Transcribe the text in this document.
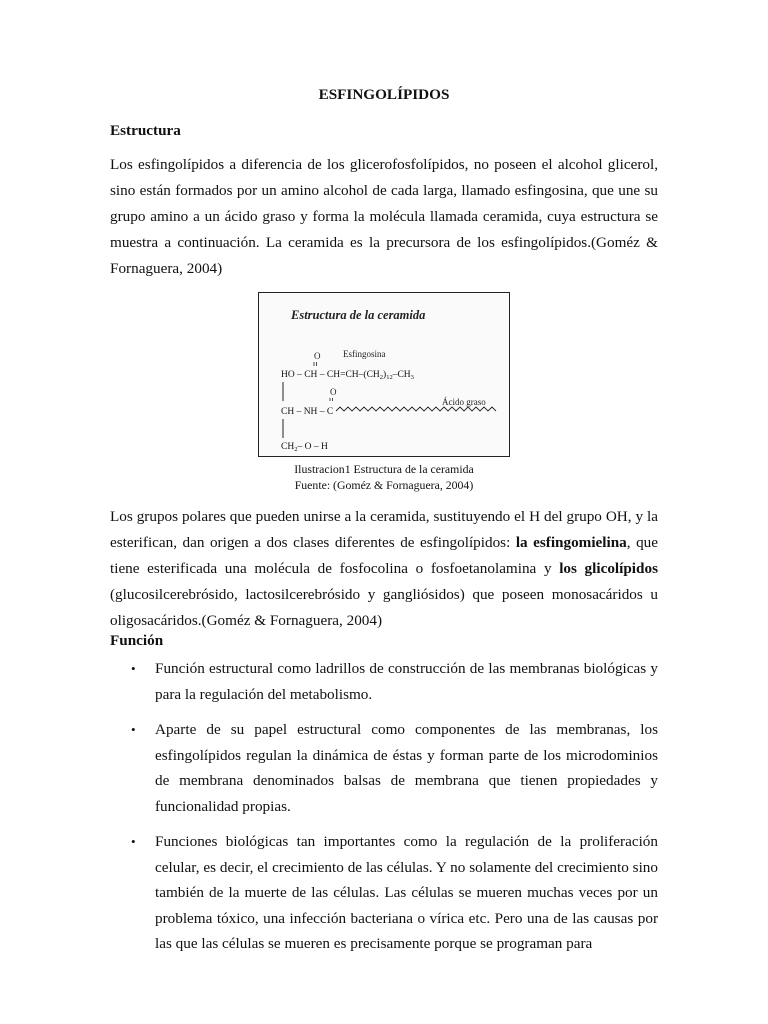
ESFINGOLÍPIDOS
Estructura

Los esfingolípidos a diferencia de los glicerofosfolípidos, no poseen el alcohol glicerol, sino están formados por un amino alcohol de cada larga, llamado esfingosina, que une su grupo amino a un ácido graso y forma la molécula llamada ceramida, cuya estructura se muestra a continuación. La ceramida es la precursora de los esfingolípidos.(Goméz & Fornaguera, 2004)

Estructura de la ceramida
O	Esfingosina
HO – CH – $CH=CH-(CH_2)_{12}-CH_3$
O
Ácido graso
CH – NH – C
$CH_2-$ O – H
Ilustracion1 Estructura de la ceramida
Fuente: (Goméz & Fornaguera, 2004)

Los grupos polares que pueden unirse a la ceramida, sustituyendo el H del grupo OH, y la esterifican, dan origen a dos clases diferentes de esfingolípidos: la esfingomielina, que tiene esterificada una molécula de fosfocolina o fosfoetanolamina y los glicolípidos (glucosilcerebrósido, lactosilcerebrósido y gangliósidos) que poseen monosacáridos u oligosacáridos.(Goméz & Fornaguera, 2004)

Función
• Función estructural como ladrillos de construcción de las membranas biológicas y para la regulación del metabolismo.
• Aparte de su papel estructural como componentes de las membranas, los esfingolípidos regulan la dinámica de éstas y forman parte de los microdominios de membrana denominados balsas de membrana que tienen propiedades y funcionalidad propias.
• Funciones biológicas tan importantes como la regulación de la proliferación celular, es decir, el crecimiento de las células. Y no solamente del crecimiento sino también de la muerte de las células. Las células se mueren muchas veces por un problema tóxico, una infección bacteriana o vírica etc. Pero una de las causas por las que las células se mueren es precisamente porque se programan para
